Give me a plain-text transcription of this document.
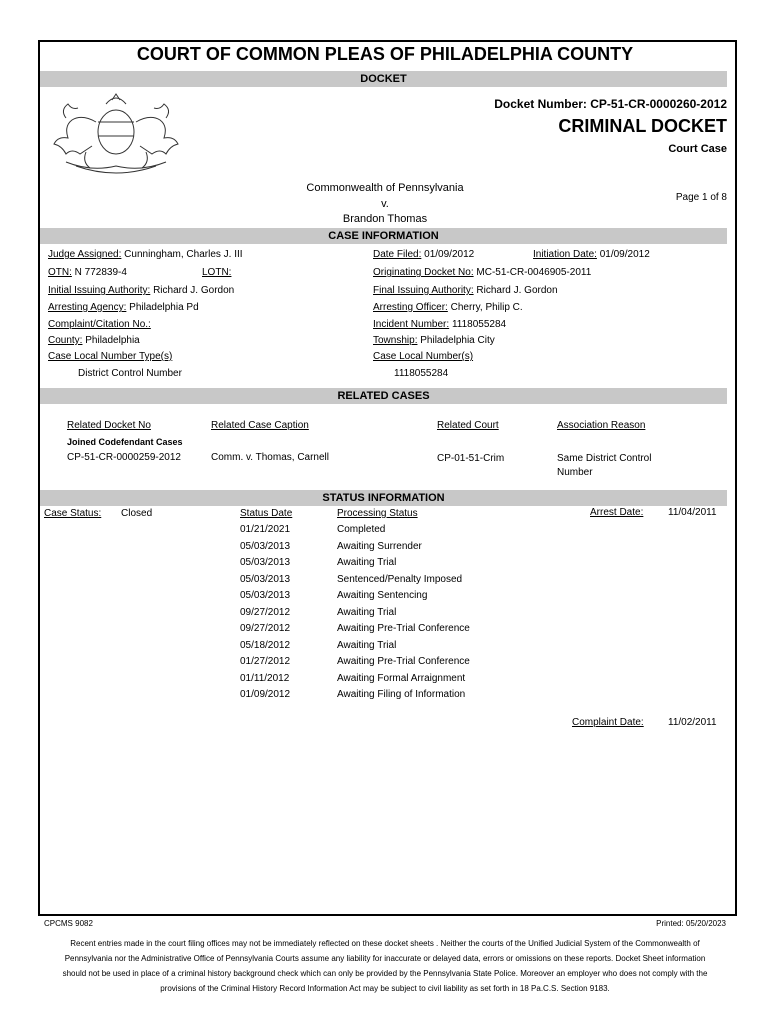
COURT OF COMMON PLEAS OF PHILADELPHIA COUNTY
DOCKET
Docket Number: CP-51-CR-0000260-2012
CRIMINAL DOCKET
Court Case
Commonwealth of Pennsylvania
v.
Brandon Thomas
Page 1 of 8
CASE INFORMATION
Judge Assigned: Cunningham, Charles J. III
OTN: N 772839-4	LOTN:
Initial Issuing Authority: Richard J. Gordon
Arresting Agency: Philadelphia Pd
Complaint/Citation No.:
County: Philadelphia
Case Local Number Type(s)
District Control Number
Date Filed: 01/09/2012	Initiation Date: 01/09/2012
Originating Docket No: MC-51-CR-0046905-2011
Final Issuing Authority: Richard J. Gordon
Arresting Officer: Cherry, Philip C.
Incident Number: 1118055284
Township: Philadelphia City
Case Local Number(s)
1118055284
RELATED CASES
Related Docket No	Related Case Caption	Related Court	Association Reason
Joined Codefendant Cases
CP-51-CR-0000259-2012	Comm. v. Thomas, Carnell	CP-01-51-Crim	Same District Control
Number
STATUS INFORMATION
Case Status: Closed	Status Date	Processing Status	Arrest Date: 11/04/2011
01/21/2021	Completed
05/03/2013	Awaiting Surrender
05/03/2013	Awaiting Trial
05/03/2013	Sentenced/Penalty Imposed
05/03/2013	Awaiting Sentencing
09/27/2012	Awaiting Trial
09/27/2012	Awaiting Pre-Trial Conference
05/18/2012	Awaiting Trial
01/27/2012	Awaiting Pre-Trial Conference
01/11/2012	Awaiting Formal Arraignment
01/09/2012	Awaiting Filing of Information
Complaint Date: 11/02/2011
CPCMS 9082	Printed: 05/20/2023
Recent entries made in the court filing offices may not be immediately reflected on these docket sheets . Neither the courts of the Unified Judicial System of the Commonwealth of Pennsylvania nor the Administrative Office of Pennsylvania Courts assume any liability for inaccurate or delayed data, errors or omissions on these reports. Docket Sheet information should not be used in place of a criminal history background check which can only be provided by the Pennsylvania State Police. Moreover an employer who does not comply with the provisions of the Criminal History Record Information Act may be subject to civil liability as set forth in 18 Pa.C.S. Section 9183.
